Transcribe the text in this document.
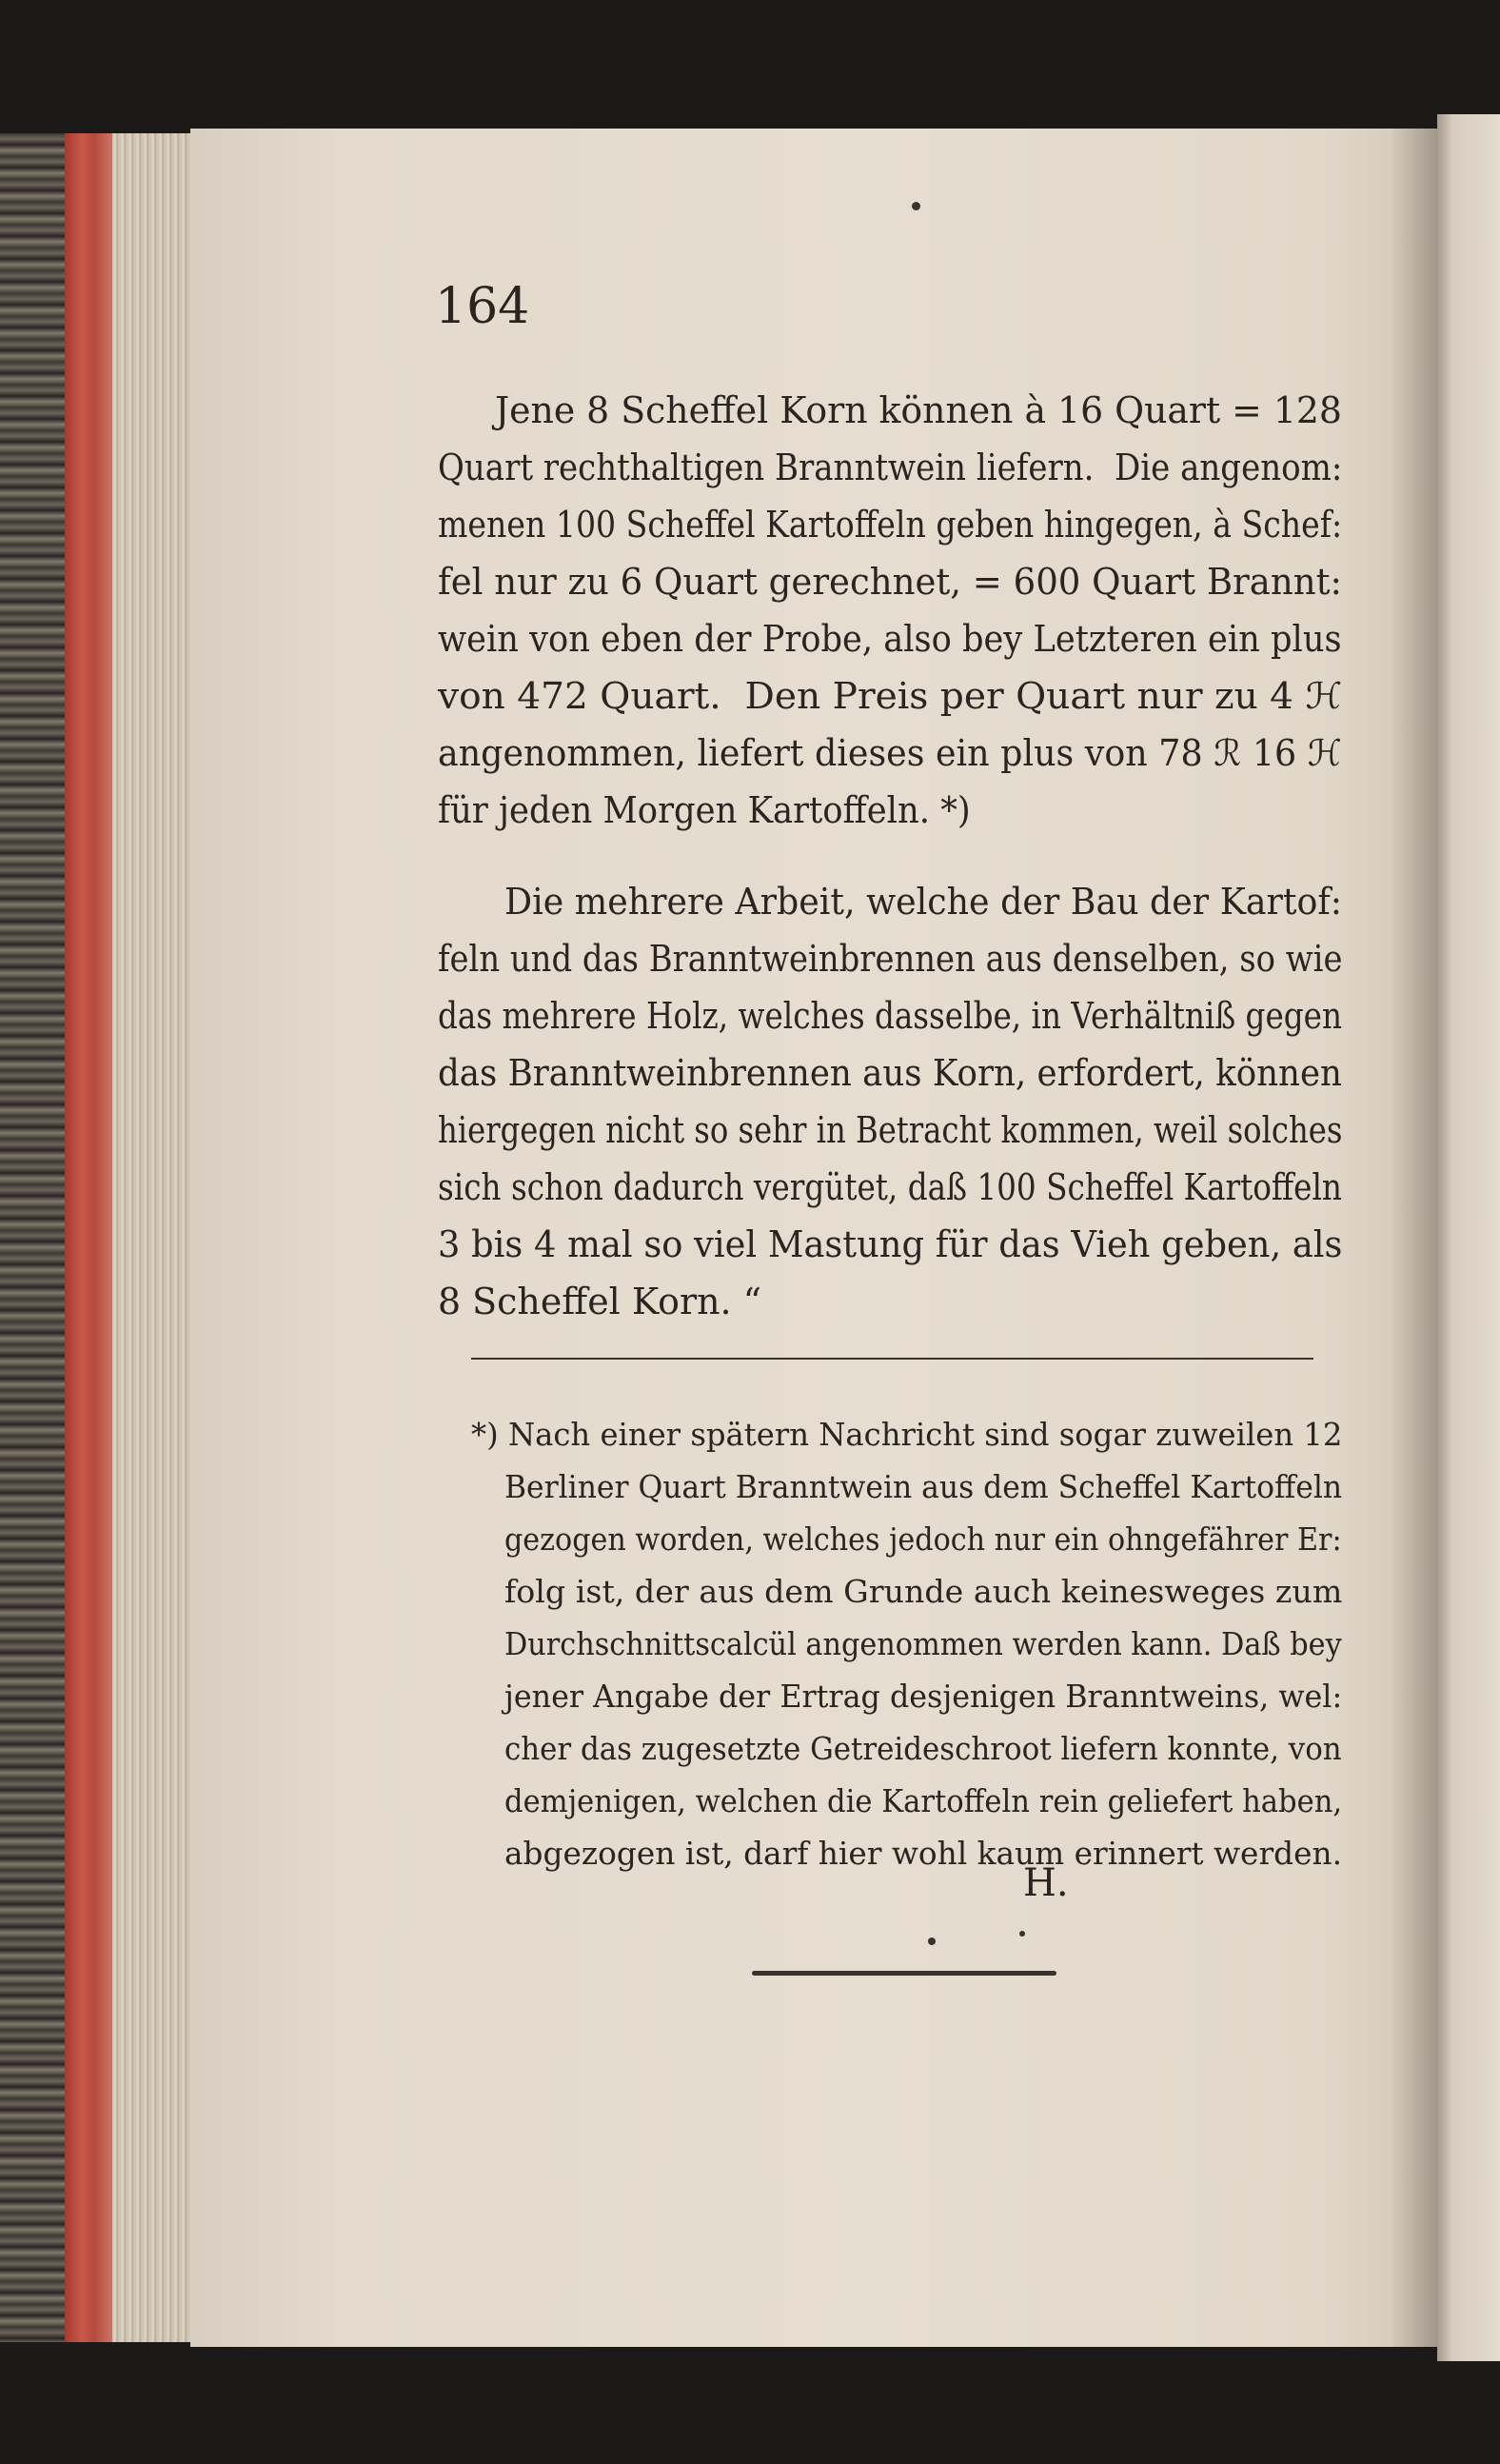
164
Jene 8 Scheffel Korn können à 16 Quart = 128
Quart rechthaltigen Branntwein liefern.  Die angenom:
menen 100 Scheffel Kartoffeln geben hingegen, à Schef:
fel nur zu 6 Quart gerechnet, = 600 Quart Brannt:
wein von eben der Probe, also bey Letzteren ein plus
von 472 Quart.  Den Preis per Quart nur zu 4 ℋ
angenommen, liefert dieses ein plus von 78 ℛ 16 ℋ
für jeden Morgen Kartoffeln. *)
Die mehrere Arbeit, welche der Bau der Kartof:
feln und das Branntweinbrennen aus denselben, so wie
das mehrere Holz, welches dasselbe, in Verhältniß gegen
das Branntweinbrennen aus Korn, erfordert, können
hiergegen nicht so sehr in Betracht kommen, weil solches
sich schon dadurch vergütet, daß 100 Scheffel Kartoffeln
3 bis 4 mal so viel Mastung für das Vieh geben, als
8 Scheffel Korn. “
*) Nach einer spätern Nachricht sind sogar zuweilen 12
Berliner Quart Branntwein aus dem Scheffel Kartoffeln
gezogen worden, welches jedoch nur ein ohngefährer Er:
folg ist, der aus dem Grunde auch keinesweges zum
Durchschnittscalcül angenommen werden kann. Daß bey
jener Angabe der Ertrag desjenigen Branntweins, wel:
cher das zugesetzte Getreideschroot liefern konnte, von
demjenigen, welchen die Kartoffeln rein geliefert haben,
abgezogen ist, darf hier wohl kaum erinnert werden.
H.
